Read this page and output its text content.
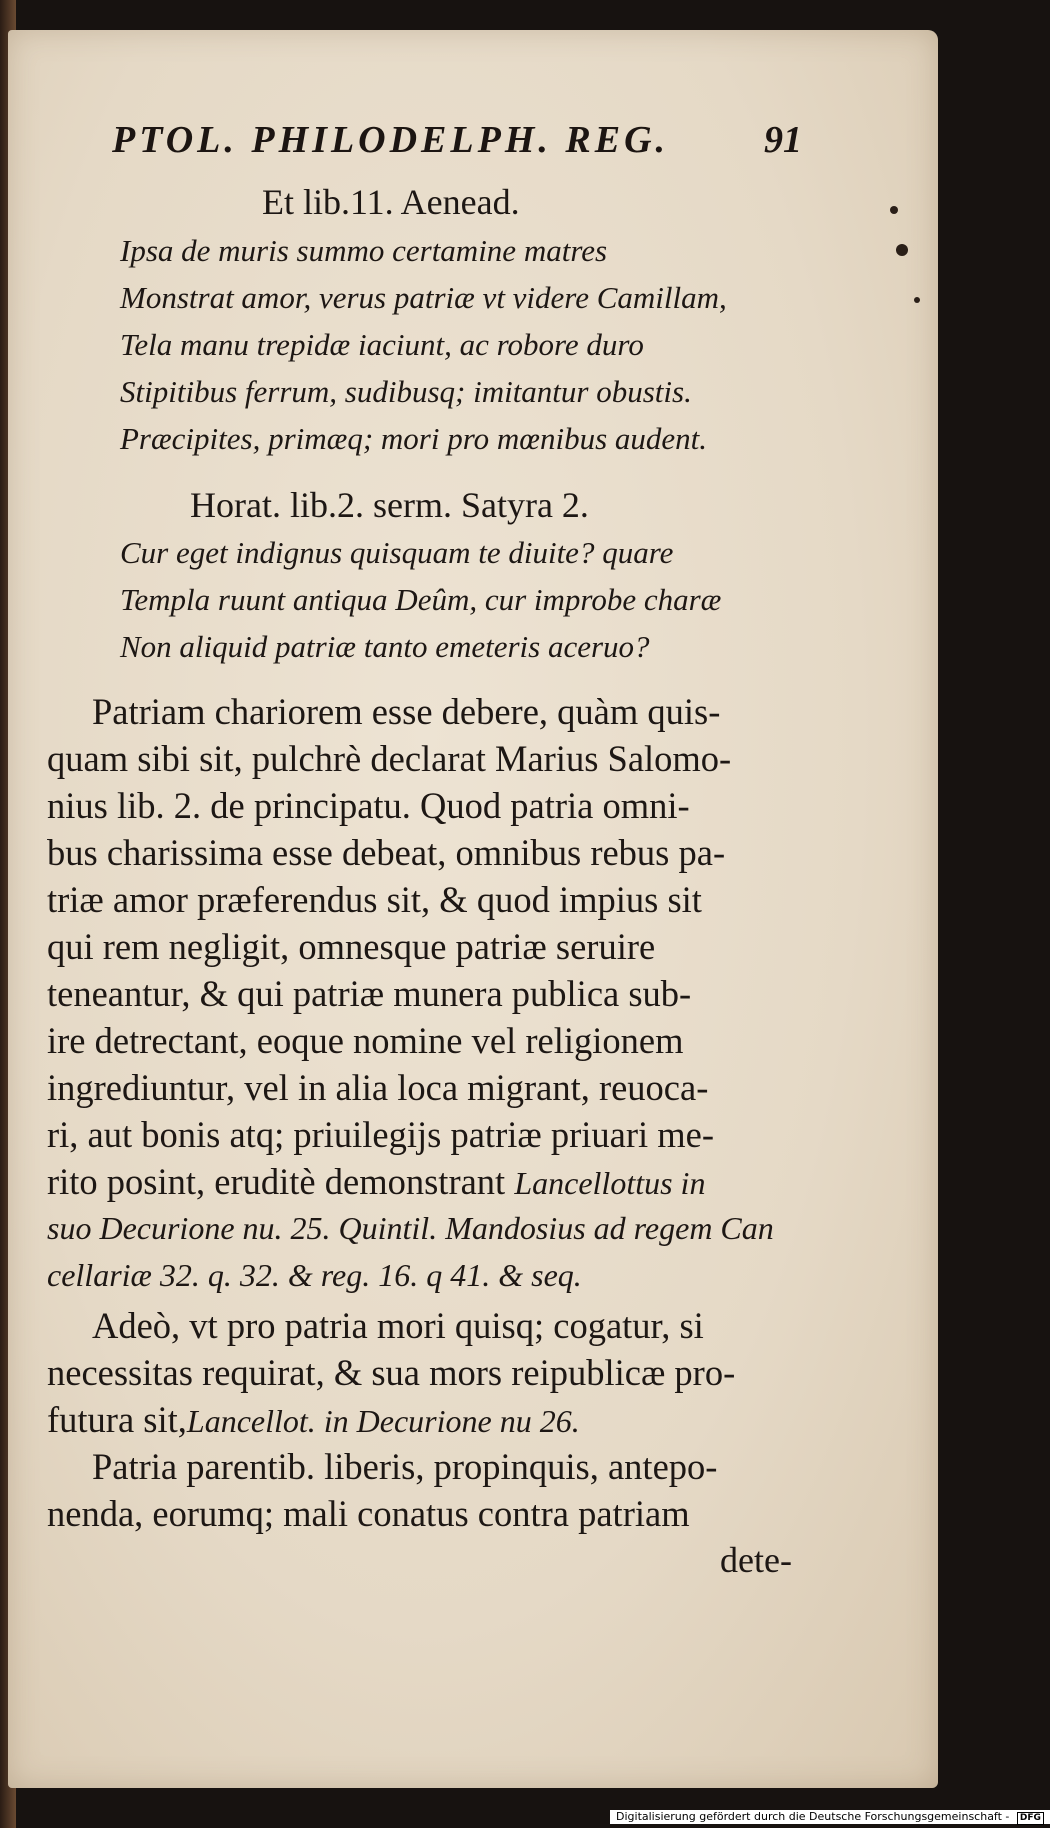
PTOL. PHILODELPH. REG. 91
Et lib.11. Aenead.
Ipsa de muris summo certamine matres
Monstrat amor, verus patriæ vt videre Camillam,
Tela manu trepidæ iaciunt, ac robore duro
Stipitibus ferrum, sudibusq; imitantur obustis.
Præcipites, primæq; mori pro mœnibus audent.
Horat. lib.2. serm. Satyra 2.
Cur eget indignus quisquam te diuite? quare
Templa ruunt antiqua Deûm, cur improbe charæ
Non aliquid patriæ tanto emeteris aceruo?
Patriam chariorem esse debere, quàm quis-
quam sibi sit, pulchrè declarat Marius Salomo-
nius lib. 2. de principatu. Quod patria omni-
bus charissima esse debeat, omnibus rebus pa-
triæ amor præferendus sit, & quod impius sit
qui rem negligit, omnesque patriæ seruire
teneantur, & qui patriæ munera publica sub-
ire detrectant, eoque nomine vel religionem
ingrediuntur, vel in alia loca migrant, reuoca-
ri, aut bonis atq; priuilegijs patriæ priuari me-
rito posint, eruditè demonstrant Lancellottus in
suo Decurione nu. 25. Quintil. Mandosius ad regem Can
cellariæ 32. q. 32. & reg. 16. q 41. & seq.
Adeò, vt pro patria mori quisq; cogatur, si
necessitas requirat, & sua mors reipublicæ pro-
futura sit,Lancellot. in Decurione nu 26.
Patria parentib. liberis, propinquis, antepo-
nenda, eorumq; mali conatus contra patriam
dete-
Digitalisierung gefördert durch die Deutsche Forschungsgemeinschaft - DFG
